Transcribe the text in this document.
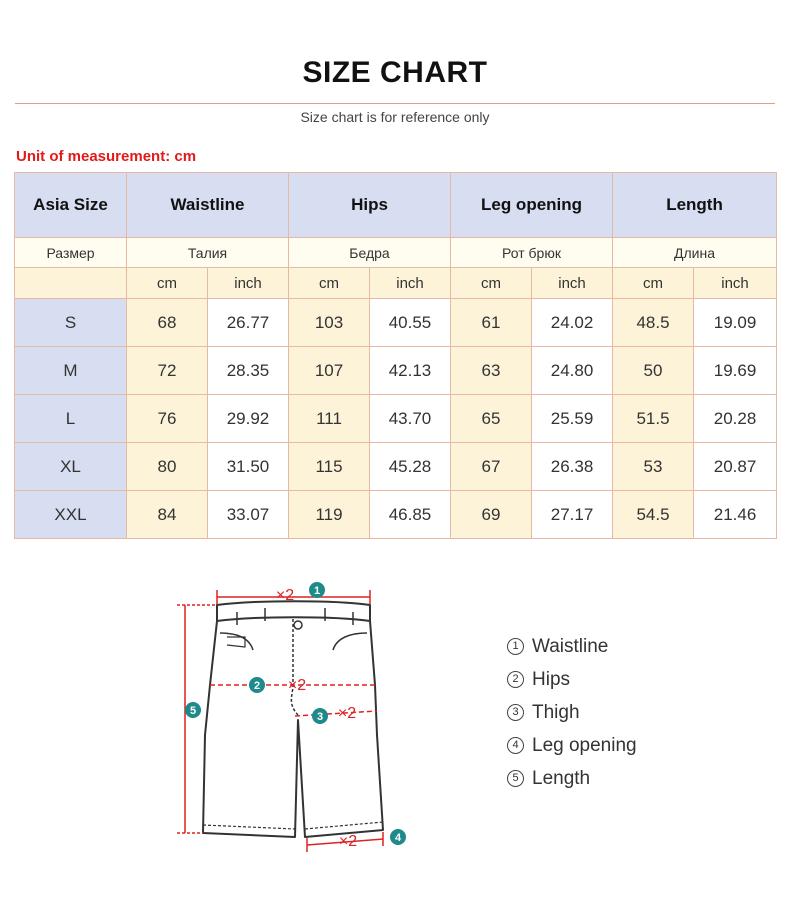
SIZE CHART
Size chart is for reference only
Unit of measurement: cm
Asia Size	Waistline		Hips		Leg opening		Length	
Размер	Талия		Бедра		Рот брюк		Длина	
	cm	inch	cm	inch	cm	inch	cm	inch
S	68	26.77	103	40.55	61	24.02	48.5	19.09
M	72	28.35	107	42.13	63	24.80	50	19.69
L	76	29.92	111	43.70	65	25.59	51.5	20.28
XL	80	31.50	115	45.28	67	26.38	53	20.87
XXL	84	33.07	119	46.85	69	27.17	54.5	21.46
×2
×2
×2
×2
1
2
3
4
5
1 Waistline
2 Hips
3 Thigh
4 Leg opening
5 Length
